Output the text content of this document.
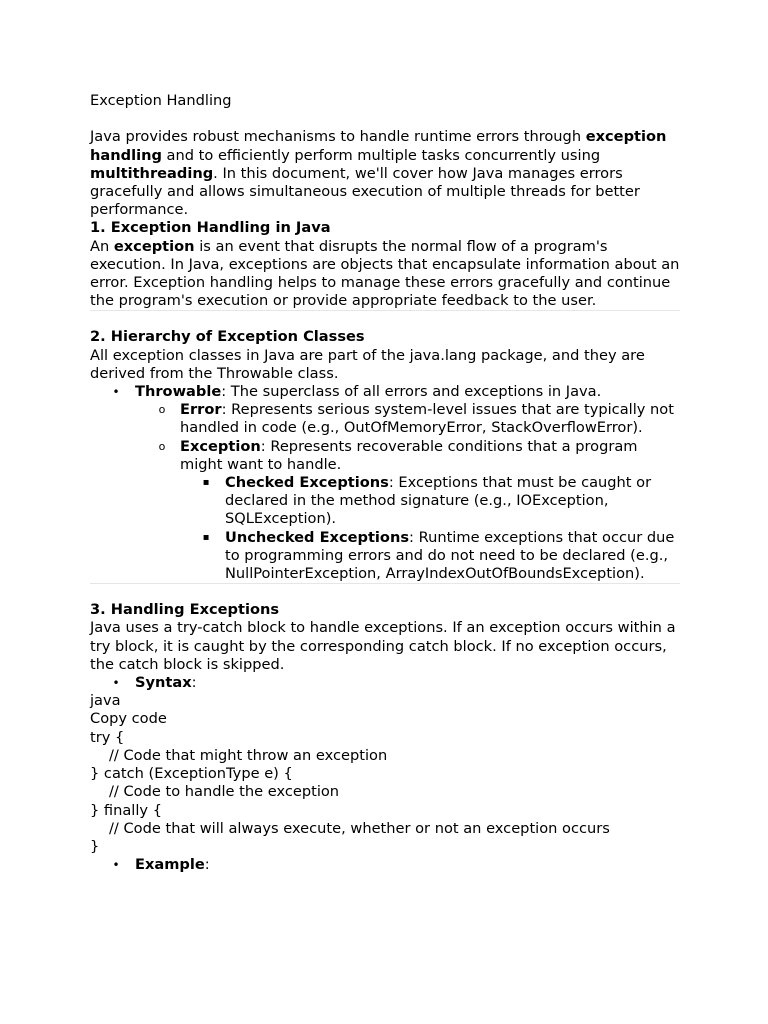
Exception Handling

Java provides robust mechanisms to handle runtime errors through exception handling and to efficiently perform multiple tasks concurrently using multithreading. In this document, we'll cover how Java manages errors gracefully and allows simultaneous execution of multiple threads for better performance.

1. Exception Handling in Java

An exception is an event that disrupts the normal flow of a program's execution. In Java, exceptions are objects that encapsulate information about an error. Exception handling helps to manage these errors gracefully and continue the program's execution or provide appropriate feedback to the user.

2. Hierarchy of Exception Classes

All exception classes in Java are part of the java.lang package, and they are derived from the Throwable class.

•	Throwable: The superclass of all errors and exceptions in Java.
o	Error: Represents serious system-level issues that are typically not handled in code (e.g., OutOfMemoryError, StackOverflowError).
o	Exception: Represents recoverable conditions that a program might want to handle.
▪	Checked Exceptions: Exceptions that must be caught or declared in the method signature (e.g., IOException, SQLException).
▪	Unchecked Exceptions: Runtime exceptions that occur due to programming errors and do not need to be declared (e.g., NullPointerException, ArrayIndexOutOfBoundsException).

3. Handling Exceptions

Java uses a try-catch block to handle exceptions. If an exception occurs within a try block, it is caught by the corresponding catch block. If no exception occurs, the catch block is skipped.

•	Syntax:

java

Copy code

try {

// Code that might throw an exception

} catch (ExceptionType e) {

// Code to handle the exception

} finally {

// Code that will always execute, whether or not an exception occurs

}

•	Example:
